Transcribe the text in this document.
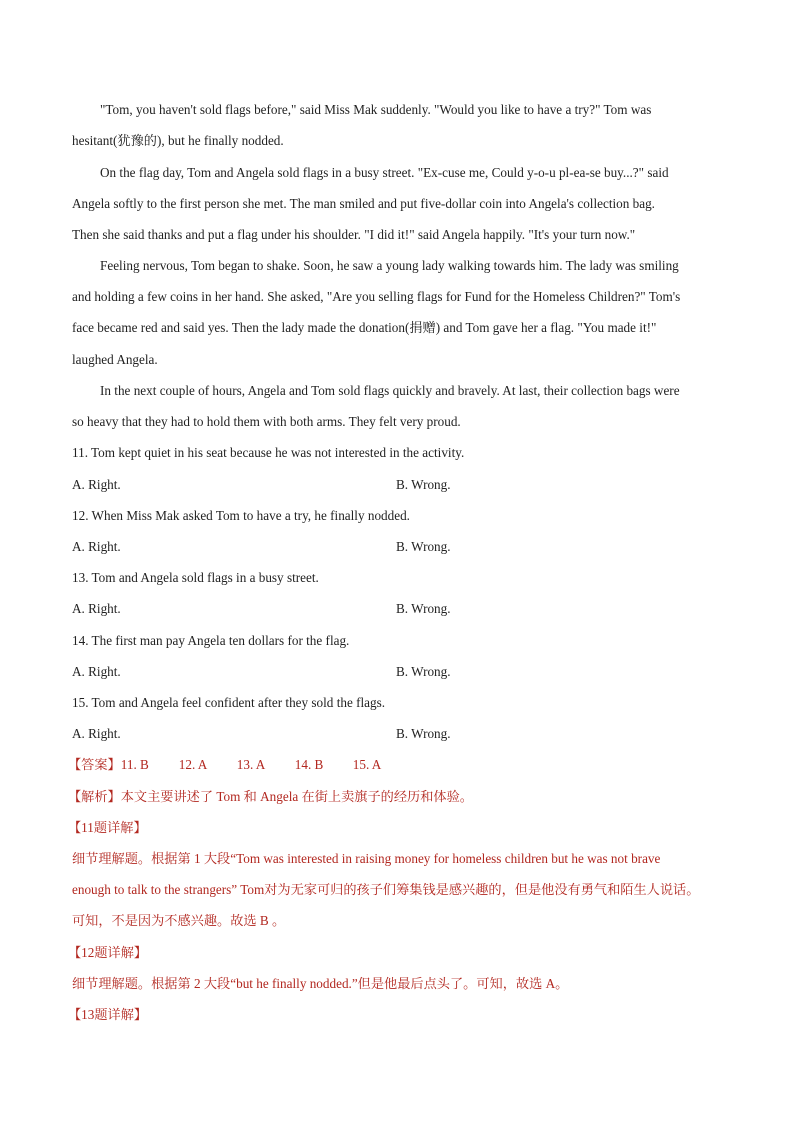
"Tom, you haven't sold flags before," said Miss Mak suddenly. "Would you like to have a try?" Tom was
hesitant(犹豫的), but he finally nodded.
On the flag day, Tom and Angela sold flags in a busy street. "Ex-cuse me, Could y-o-u pl-ea-se buy...?" said
Angela softly to the first person she met. The man smiled and put five-dollar coin into Angela's collection bag.
Then she said thanks and put a flag under his shoulder. "I did it!" said Angela happily. "It's your turn now."
Feeling nervous, Tom began to shake. Soon, he saw a young lady walking towards him. The lady was smiling
and holding a few coins in her hand. She asked, "Are you selling flags for Fund for the Homeless Children?" Tom's
face became red and said yes. Then the lady made the donation(捐赠) and Tom gave her a flag. "You made it!"
laughed Angela.
In the next couple of hours, Angela and Tom sold flags quickly and bravely. At last, their collection bags were
so heavy that they had to hold them with both arms. They felt very proud.
11. Tom kept quiet in his seat because he was not interested in the activity.
A. Right.	B. Wrong.
12. When Miss Mak asked Tom to have a try, he finally nodded.
A. Right.	B. Wrong.
13. Tom and Angela sold flags in a busy street.
A. Right.	B. Wrong.
14. The first man pay Angela ten dollars for the flag.
A. Right.	B. Wrong.
15. Tom and Angela feel confident after they sold the flags.
A. Right.	B. Wrong.
【答案】11. B 12. A 13. A 14. B 15. A
【解析】本文主要讲述了 Tom 和 Angela 在街上卖旗子的经历和体验。
【11题详解】
细节理解题。根据第 1 大段“Tom was interested in raising money for homeless children but he was not brave
enough to talk to the strangers” Tom对为无家可归的孩子们筹集钱是感兴趣的，但是他没有勇气和陌生人说话。
可知，不是因为不感兴趣。故选 B 。
【12题详解】
细节理解题。根据第 2 大段“but he finally nodded.”但是他最后点头了。可知，故选 A。
【13题详解】
